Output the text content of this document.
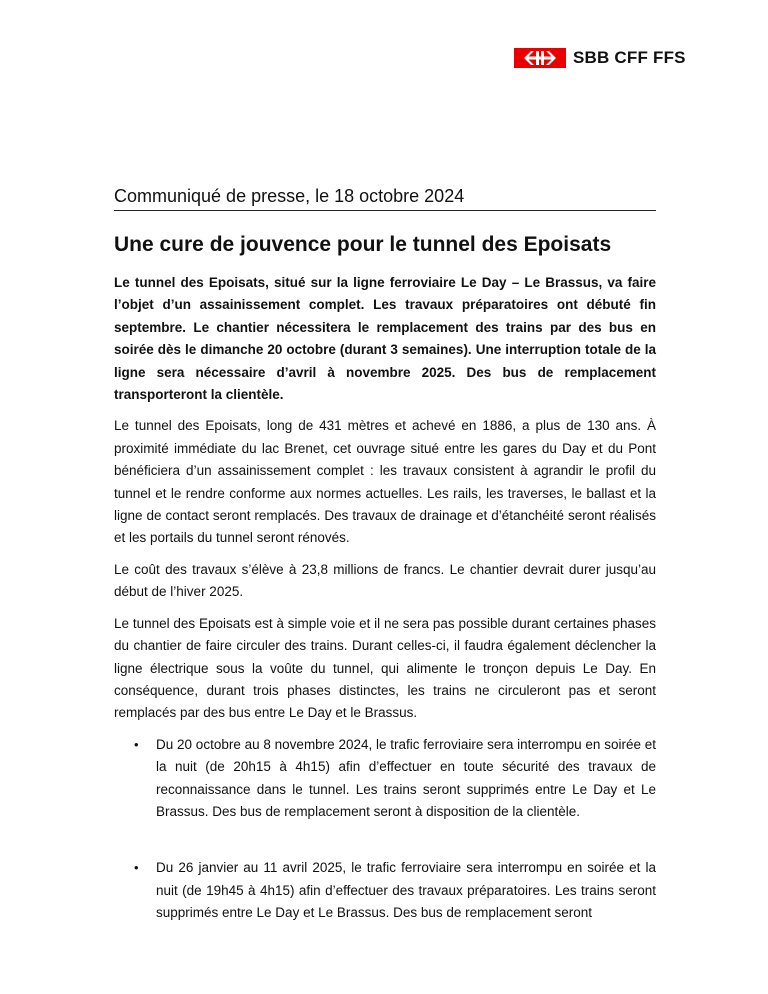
SBB CFF FFS
Communiqué de presse, le 18 octobre 2024
Une cure de jouvence pour le tunnel des Epoisats

Le tunnel des Epoisats, situé sur la ligne ferroviaire Le Day – Le Brassus, va faire l’objet d’un assainissement complet. Les travaux préparatoires ont débuté fin septembre. Le chantier nécessitera le remplacement des trains par des bus en soirée dès le dimanche 20 octobre (durant 3 semaines). Une interruption totale de la ligne sera nécessaire d’avril à novembre 2025. Des bus de remplacement transporteront la clientèle.

Le tunnel des Epoisats, long de 431 mètres et achevé en 1886, a plus de 130 ans. À proximité immédiate du lac Brenet, cet ouvrage situé entre les gares du Day et du Pont bénéficiera d’un assainissement complet : les travaux consistent à agrandir le profil du tunnel et le rendre conforme aux normes actuelles. Les rails, les traverses, le ballast et la ligne de contact seront remplacés. Des travaux de drainage et d’étanchéité seront réalisés et les portails du tunnel seront rénovés.

Le coût des travaux s’élève à 23,8 millions de francs. Le chantier devrait durer jusqu’au début de l’hiver 2025.

Le tunnel des Epoisats est à simple voie et il ne sera pas possible durant certaines phases du chantier de faire circuler des trains. Durant celles-ci, il faudra également déclencher la ligne électrique sous la voûte du tunnel, qui alimente le tronçon depuis Le Day. En conséquence, durant trois phases distinctes, les trains ne circuleront pas et seront remplacés par des bus entre Le Day et le Brassus.

• Du 20 octobre au 8 novembre 2024, le trafic ferroviaire sera interrompu en soirée et la nuit (de 20h15 à 4h15) afin d’effectuer en toute sécurité des travaux de reconnaissance dans le tunnel. Les trains seront supprimés entre Le Day et Le Brassus. Des bus de remplacement seront à disposition de la clientèle.
• Du 26 janvier au 11 avril 2025, le trafic ferroviaire sera interrompu en soirée et la nuit (de 19h45 à 4h15) afin d’effectuer des travaux préparatoires. Les trains seront supprimés entre Le Day et Le Brassus. Des bus de remplacement seront
